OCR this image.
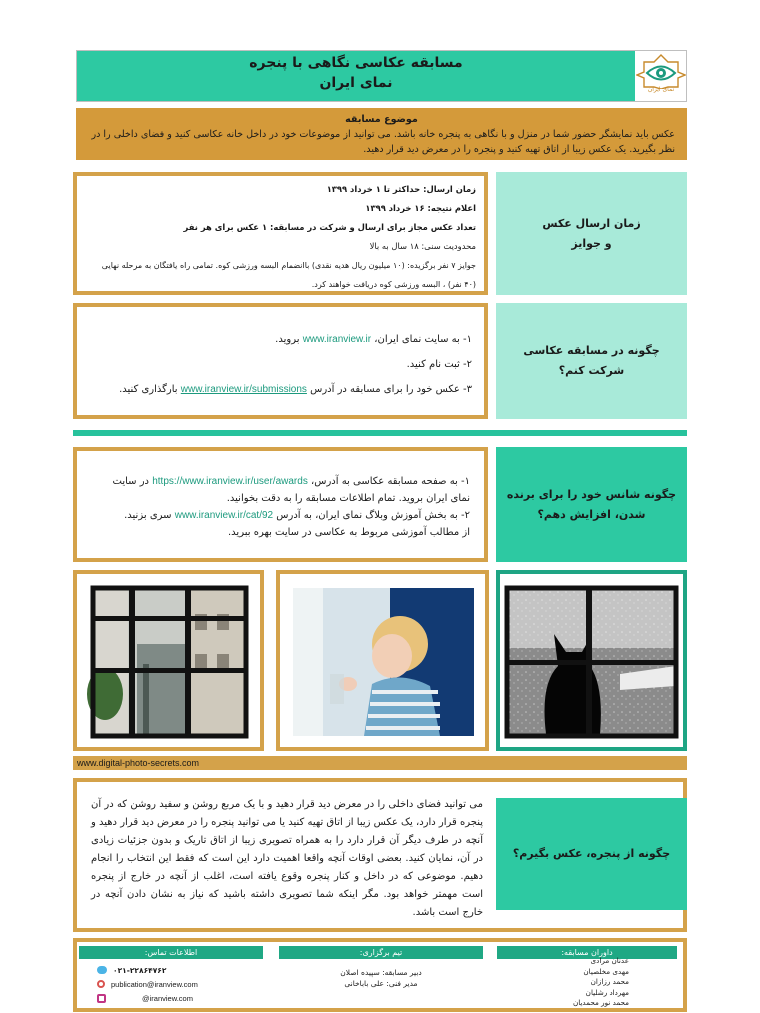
مسابقه عکاسی نگاهی با پنجره
نمای ایران	نمای ایران
موضوع مسابقه
عکس باید نمایشگر حضور شما در منزل و با نگاهی به پنجره خانه باشد. می توانید از موضوعات خود در داخل خانه عکاسی کنید و فضای داخلی را در نظر بگیرید. یک عکس زیبا از اتاق تهیه کنید و پنجره را در معرض دید قرار دهید.
زمان ارسال: حداکثر تا ۱ خرداد ۱۳۹۹
اعلام نتیجه: ۱۶ خرداد ۱۳۹۹
تعداد عکس مجاز برای ارسال و شرکت در مسابقه: ۱ عکس برای هر نفر
محدودیت سنی: ۱۸ سال به بالا
جوایز ۷ نفر برگزیده: (۱۰ میلیون ریال هدیه نقدی) باانضمام البسه ورزشی کوه. تمامی راه یافتگان به مرحله نهایی
(۴۰ نفر) ، البسه ورزشی کوه دریافت خواهند کرد.
زمان ارسال عکس
و جوایز
۱- به سایت نمای ایران، www.iranview.ir بروید.
۲- ثبت نام کنید.
۳- عکس خود را برای مسابقه در آدرس www.iranview.ir/submissions بارگذاری کنید.
چگونه در مسابقه عکاسی شرکت کنم؟
۱- به صفحه مسابقه عکاسی به آدرس، https://www.iranview.ir/user/awards در سایت نمای ایران بروید. تمام اطلاعات مسابقه را به دقت بخوانید.
۲- به بخش آموزش وبلاگ نمای ایران، به آدرس www.iranview.ir/cat/92 سری بزنید.
از مطالب آموزشی مربوط به عکاسی در سایت بهره ببرید.
چگونه شانس خود را برای برنده شدن، افزایش دهم؟
www.digital-photo-secrets.com
می توانید فضای داخلی را در معرض دید قرار دهید و با یک مربع روشن و سفید روشن که در آن پنجره قرار دارد، یک عکس زیبا از اتاق تهیه کنید یا می توانید پنجره را در معرض دید قرار دهید و آنچه در طرف دیگر آن قرار دارد را به همراه تصویری زیبا از اتاق تاریک و بدون جزئیات زیادی در آن، نمایان کنید. بعضی اوقات آنچه واقعا اهمیت دارد این است که فقط این انتخاب را انجام دهیم. موضوعی که در داخل و کنار پنجره وقوع یافته است، اغلب از آنچه در خارج از پنجره است مهمتر خواهد بود. مگر اینکه شما تصویری داشته باشید که نیاز به نشان دادن آنچه در خارج است باشد.
چگونه از پنجره، عکس بگیرم؟
داوران مسابقه:
عدنان مرادی
مهدی مخلصیان
محمد رزازان
مهرداد رشلیان
محمد نور محمدیان
تیم برگزاری:
دبیر مسابقه: سپیده اصلان
مدیر فنی: علی باباخانی
اطلاعات تماس:
۰۲۱-۲۲۸۶۴۷۶۲
publication@iranview.com
@iranview.com
